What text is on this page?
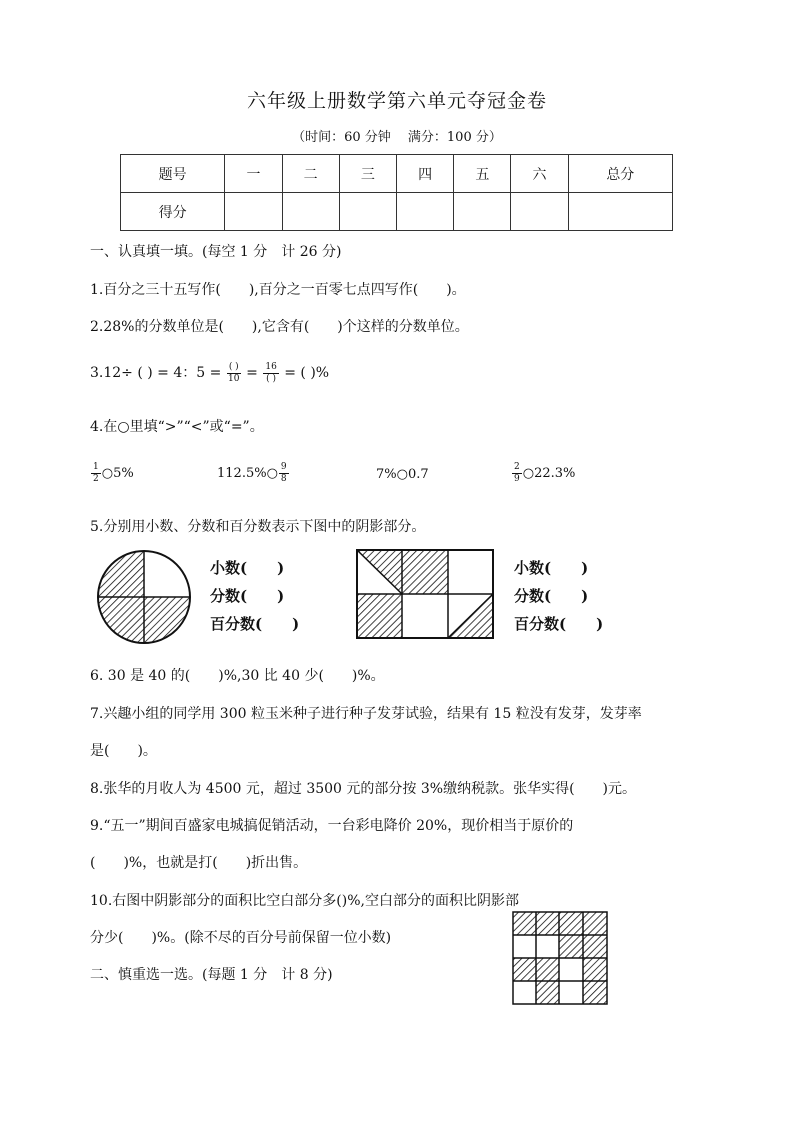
六年级上册数学第六单元夺冠金卷
（时间：60 分钟　 满分：100 分）
题号	一	二	三	四	五	六	总分
得分							
一、认真填一填。(每空 1 分　计 26 分)
1.百分之三十五写作(　　),百分之一百零七点四写作(　　)。
2.28%的分数单位是(　　),它含有(　　)个这样的分数单位。
3.12÷ ( ) = 4：$5 = \frac{( )}{10} = \frac{16}{( )}$ = ( )%
4.在○里填“>”“<”或“=”。
$\frac{1}{2}$ ○5%	112.5%○ $\frac{9}{8}$	7%○0.7	$\frac{2}{9}$ ○22.3%
5.分别用小数、分数和百分数表示下图中的阴影部分。
小数(　　)
分数(　　)
百分数(　　)
小数(　　)
分数(　　)
百分数(　　)
6. 30 是 40 的(　　)%,30 比 40 少(　　)%。
7.兴趣小组的同学用 300 粒玉米种子进行种子发芽试验，结果有 15 粒没有发芽，发芽率
是(　　)。
8.张华的月收人为 4500 元，超过 3500 元的部分按 3%缴纳税款。张华实得(　　)元。
9.“五一”期间百盛家电城搞促销活动，一台彩电降价 20%，现价相当于原价的
(　　)%，也就是打(　　)折出售。
10.右图中阴影部分的面积比空白部分多()%,空白部分的面积比阴影部
分少(　　)%。(除不尽的百分号前保留一位小数)
二、慎重选一选。(每题 1 分　计 8 分)
